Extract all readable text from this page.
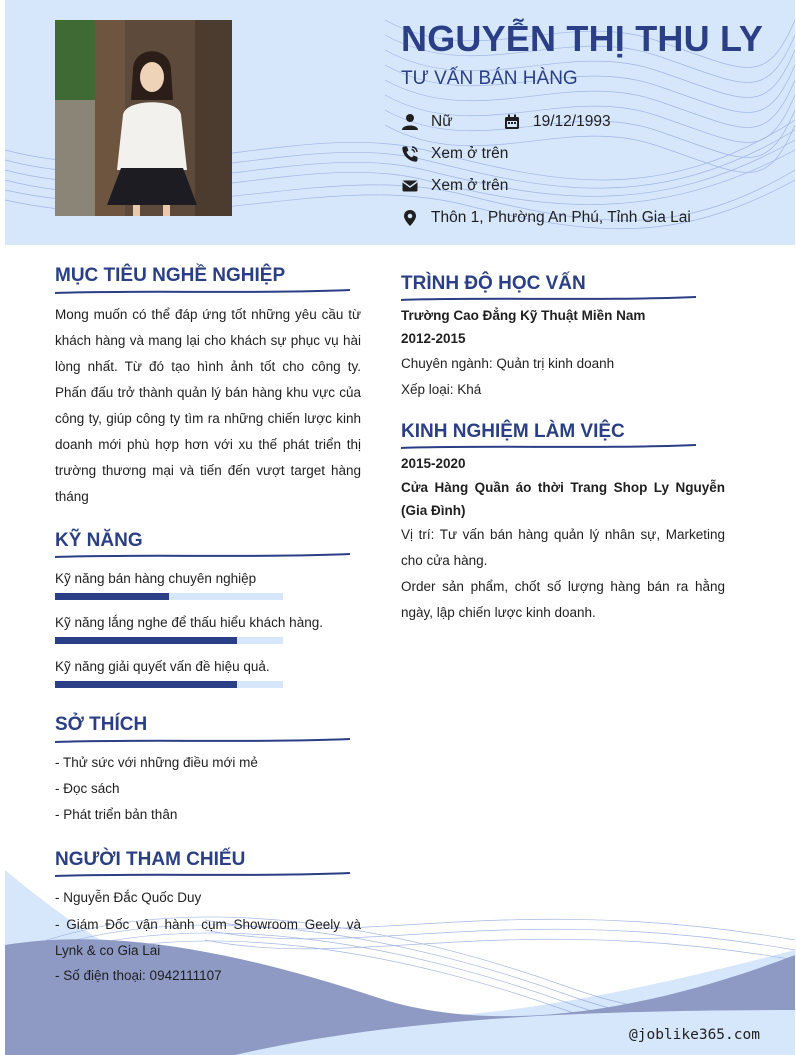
NGUYỄN THỊ THU LY
TƯ VẤN BÁN HÀNG
Nữ	19/12/1993
Xem ở trên
Xem ở trên
Thôn 1, Phường An Phú, Tỉnh Gia Lai
@joblike365.com
MỤC TIÊU NGHỀ NGHIỆP
Mong muốn có thể đáp ứng tốt những yêu cầu từ khách hàng và mang lại cho khách sự phục vụ hài lòng nhất. Từ đó tạo hình ảnh tốt cho công ty. Phấn đấu trở thành quản lý bán hàng khu vực của công ty, giúp công ty tìm ra những chiến lược kinh doanh mới phù hợp hơn với xu thế phát triển thị trường thương mại và tiến đến vượt target hàng tháng
KỸ NĂNG
Kỹ năng bán hàng chuyên nghiệp
Kỹ năng lắng nghe để thấu hiểu khách hàng.
Kỹ năng giải quyết vấn đề hiệu quả.
SỞ THÍCH
- Thử sức với những điều mới mẻ
- Đọc sách
- Phát triển bản thân
NGƯỜI THAM CHIẾU
- Nguyễn Đắc Quốc Duy
- Giám Đốc vận hành cụm Showroom Geely và Lynk & co Gia Lai
- Số điện thoại: 0942111107
TRÌNH ĐỘ HỌC VẤN
Trường Cao Đẳng Kỹ Thuật Miền Nam
2012-2015
Chuyên ngành: Quản trị kinh doanh
Xếp loại: Khá
KINH NGHIỆM LÀM VIỆC
2015-2020
Cửa Hàng Quần áo thời Trang Shop Ly Nguyễn (Gia Đình)
Vị trí: Tư vấn bán hàng quản lý nhân sự, Marketing cho cửa hàng.
Order sản phẩm, chốt số lượng hàng bán ra hằng ngày, lập chiến lược kinh doanh.
